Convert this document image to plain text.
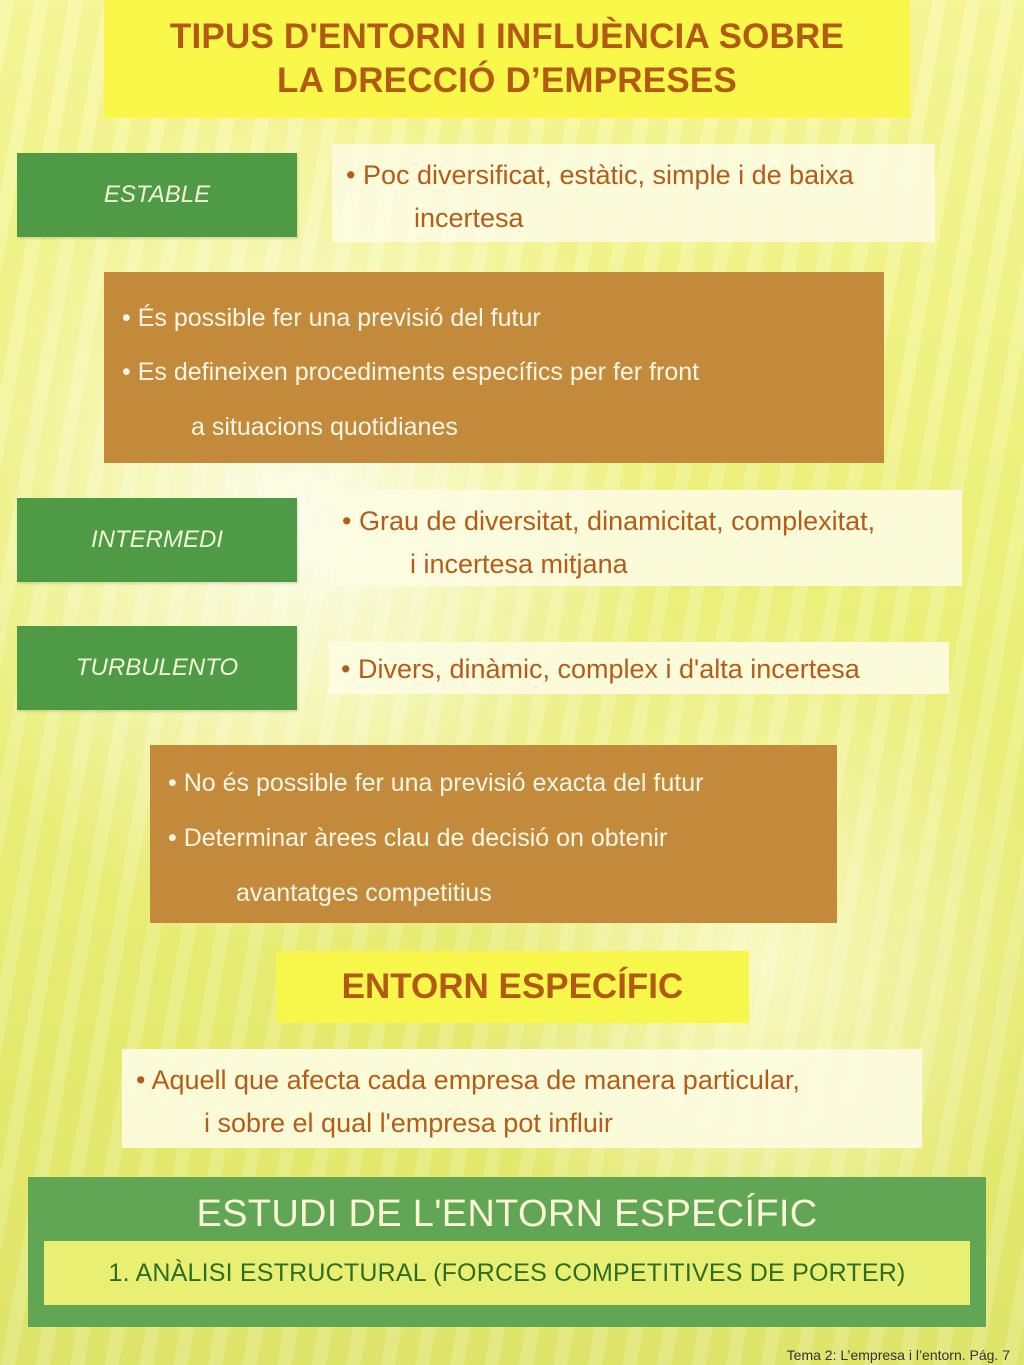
TIPUS D'ENTORN I INFLUÈNCIA SOBRE
LA DRECCIÓ D’EMPRESES
ESTABLE
• Poc diversificat, estàtic, simple i de baixa
incertesa
• És possible fer una previsió del futur
• Es defineixen procediments específics per fer front
a situacions quotidianes
INTERMEDI
• Grau de diversitat, dinamicitat, complexitat,
i incertesa mitjana
TURBULENTO	• Divers, dinàmic, complex i d'alta incertesa
• No és possible fer una previsió exacta del futur
• Determinar àrees clau de decisió on obtenir
avantatges competitius
ENTORN ESPECÍFIC
• Aquell que afecta cada empresa de manera particular,
i sobre el qual l'empresa pot influir
ESTUDI DE L'ENTORN ESPECÍFIC
1. ANÀLISI ESTRUCTURAL (FORCES COMPETITIVES DE PORTER)
Tema 2: L’empresa i l’entorn. Pág. 7
